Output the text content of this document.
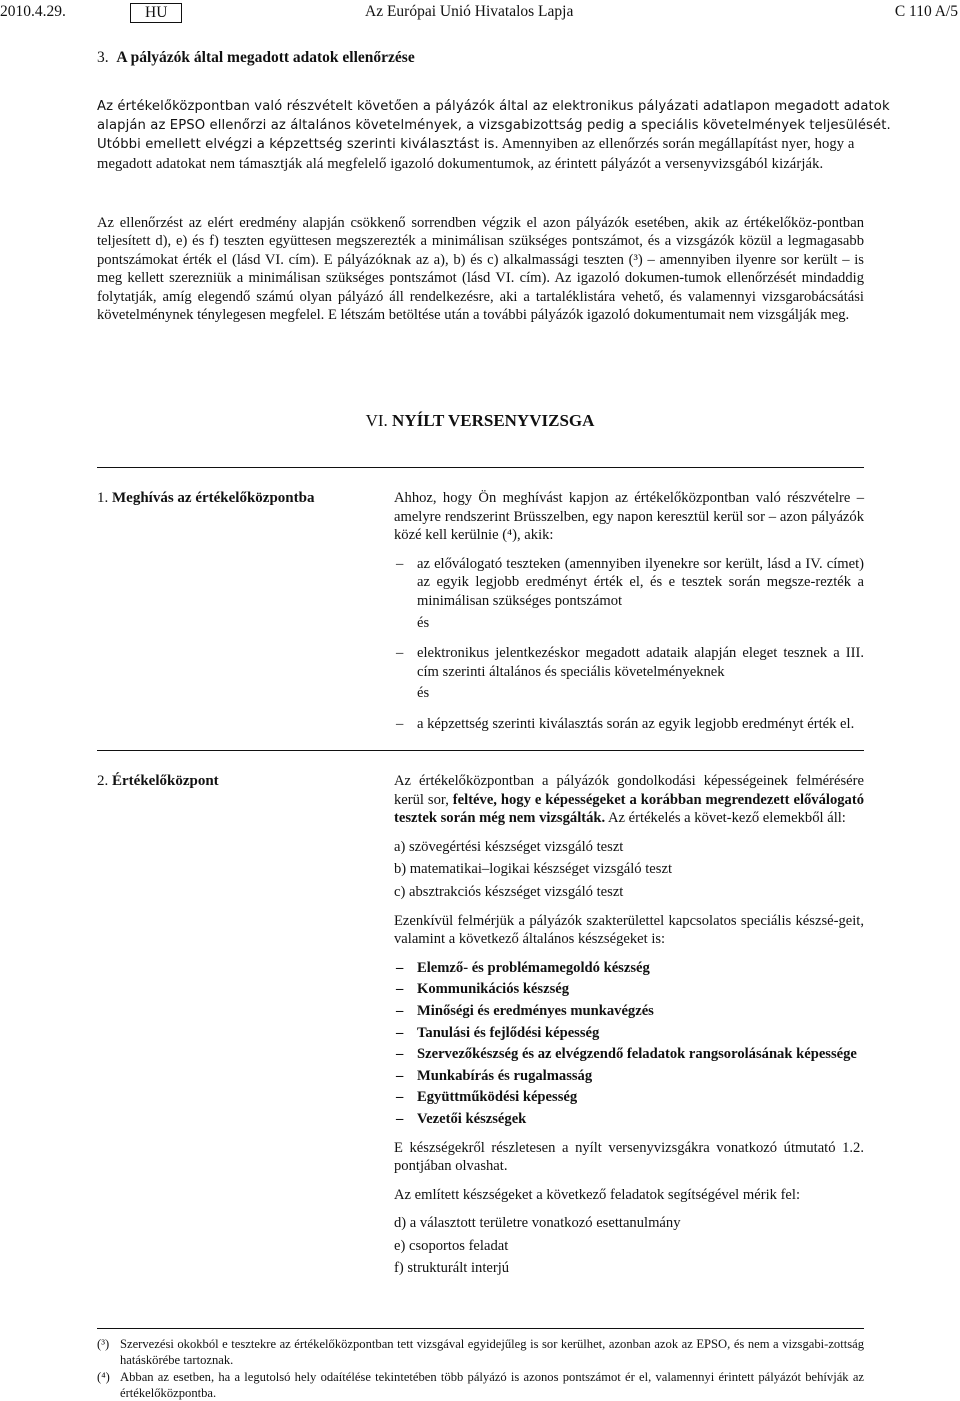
2010.4.29.	HU	Az Európai Unió Hivatalos Lapja	C 110 A/5
3. A pályázók által megadott adatok ellenőrzése
Az értékelőközpontban való részvételt követően a pályázók által az elektronikus pályázati adatlapon megadott adatok
alapján az EPSO ellenőrzi az általános követelmények, a vizsgabizottság pedig a speciális követelmények teljesülését.
Utóbbi emellett elvégzi a képzettség szerinti kiválasztást is. Amennyiben az ellenőrzés során megállapítást nyer, hogy a
megadott adatokat nem támasztják alá megfelelő igazoló dokumentumok, az érintett pályázót a versenyvizsgából kizárják.

Az ellenőrzést az elért eredmény alapján csökkenő sorrendben végzik el azon pályázók esetében, akik az értékelőköz-pontban teljesített d), e) és f) teszten együttesen megszerezték a minimálisan szükséges pontszámot, és a vizsgázók közül a legmagasabb pontszámokat érték el (lásd VI. cím). E pályázóknak az a), b) és c) alkalmassági teszten (³) – amennyiben ilyenre sor került – is meg kellett szerezniük a minimálisan szükséges pontszámot (lásd VI. cím). Az igazoló dokumen-tumok ellenőrzését mindaddig folytatják, amíg elegendő számú olyan pályázó áll rendelkezésre, aki a tartaléklistára vehető, és valamennyi vizsgarobácsátási követelménynek ténylegesen megfelel. E létszám betöltése után a további pályázók igazoló dokumentumait nem vizsgálják meg.

VI. NYÍLT VERSENYVIZSGA
1. Meghívás az értékelőközpontba	Ahhoz, hogy Ön meghívást kapjon az értékelőközpontban való részvételre – amelyre rendszerint Brüsszelben, egy napon keresztül kerül sor – azon pályázók közé kell kerülnie (⁴), akik:

– az előválogató teszteken (amennyiben ilyenekre sor került, lásd a IV. címet) az egyik legjobb eredményt érték el, és e tesztek során megsze-rezték a minimálisan szükséges pontszámot

és

– elektronikus jelentkezéskor megadott adataik alapján eleget tesznek a III. cím szerinti általános és speciális követelményeknek

és

– a képzettség szerinti kiválasztás során az egyik legjobb eredményt érték el.

2. Értékelőközpont	Az értékelőközpontban a pályázók gondolkodási képességeinek felmérésére kerül sor, feltéve, hogy e képességeket a korábban megrendezett előválogató tesztek során még nem vizsgálták. Az értékelés a követ-kező elemekből áll:

a) szövegértési készséget vizsgáló teszt

b) matematikai–logikai készséget vizsgáló teszt

c) absztrakciós készséget vizsgáló teszt

Ezenkívül felmérjük a pályázók szakterülettel kapcsolatos speciális készsé-geit, valamint a következő általános készségeket is:

– Elemző- és problémamegoldó készség

– Kommunikációs készség

– Minőségi és eredményes munkavégzés

– Tanulási és fejlődési képesség

– Szervezőkészség és az elvégzendő feladatok rangsorolásának képessége

– Munkabírás és rugalmasság

– Együttműködési képesség

– Vezetői készségek

E készségekről részletesen a nyílt versenyvizsgákra vonatkozó útmutató 1.2. pontjában olvashat.

Az említett készségeket a következő feladatok segítségével mérik fel:

d) a választott területre vonatkozó esettanulmány

e) csoportos feladat

f) strukturált interjú

(³) Szervezési okokból e tesztekre az értékelőközpontban tett vizsgával egyidejűleg is sor kerülhet, azonban azok az EPSO, és nem a vizsgabi-zottság hatáskörébe tartoznak.

(⁴) Abban az esetben, ha a legutolsó hely odaítélése tekintetében több pályázó is azonos pontszámot ér el, valamennyi érintett pályázót behívják az értékelőközpontba.
